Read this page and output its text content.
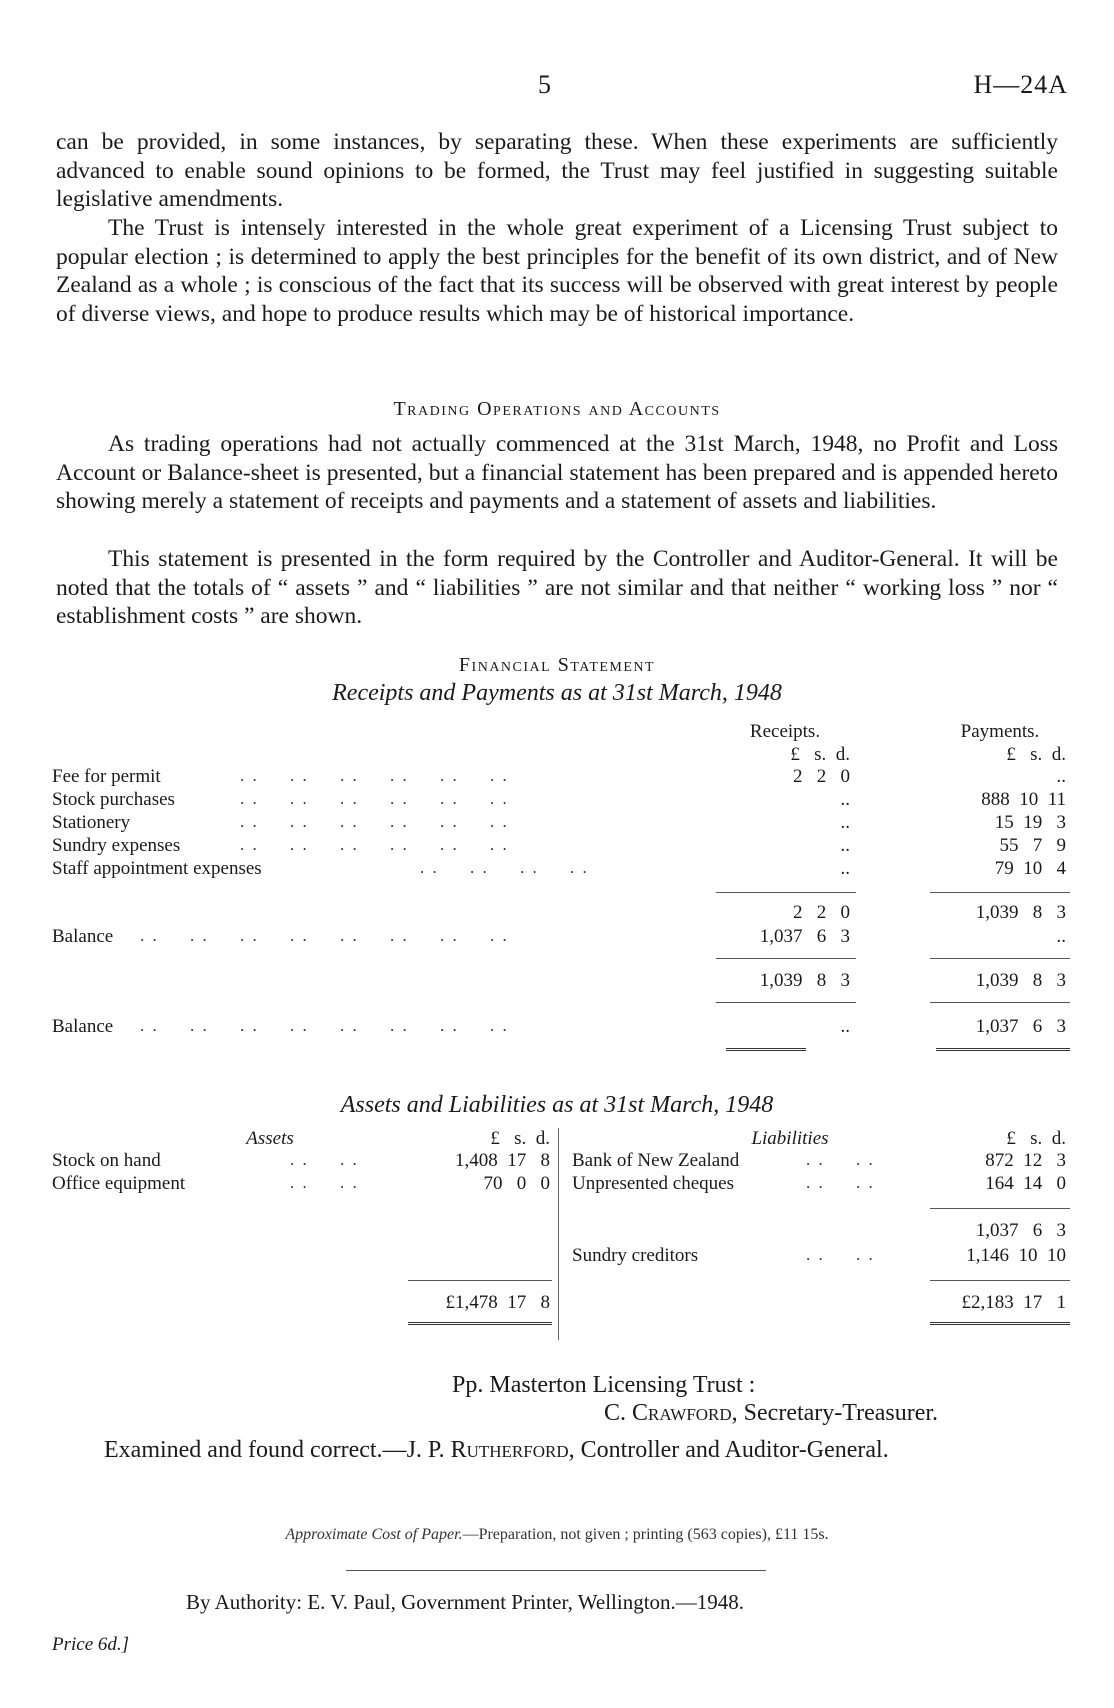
5	H—24A

can be provided, in some instances, by separating these. When these experiments are sufficiently advanced to enable sound opinions to be formed, the Trust may feel justified in suggesting suitable legislative amendments.

The Trust is intensely interested in the whole great experiment of a Licensing Trust subject to popular election ; is determined to apply the best principles for the benefit of its own district, and of New Zealand as a whole ; is conscious of the fact that its success will be observed with great interest by people of diverse views, and hope to produce results which may be of historical importance.

Trading Operations and Accounts

As trading operations had not actually commenced at the 31st March, 1948, no Profit and Loss Account or Balance-sheet is presented, but a financial statement has been prepared and is appended hereto showing merely a statement of receipts and payments and a statement of assets and liabilities.

This statement is presented in the form required by the Controller and Auditor-General. It will be noted that the totals of “ assets ” and “ liabilities ” are not similar and that neither “ working loss ” nor “ establishment costs ” are shown.

Financial Statement
Receipts and Payments as at 31st March, 1948
Receipts.	Payments.
£   s.  d.	£   s.  d.
Fee for permit	. .     . .     . .     . .     . .     . .	2   2   0	..
Stock purchases	. .     . .     . .     . .     . .     . .	..	888  10  11
Stationery	. .     . .     . .     . .     . .     . .	..	15  19   3
Sundry expenses	. .     . .     . .     . .     . .     . .	..	55   7   9
Staff appointment expenses	. .     . .     . .     . .	..	79  10   4
2   2   0	1,039   8   3
Balance . .     . .     . .     . .     . .     . .     . .     . .	1,037   6   3	..
1,039   8   3	1,039   8   3
Balance . .     . .     . .     . .     . .     . .     . .     . .	..	1,037   6   3
Assets and Liabilities as at 31st March, 1948
Assets	£   s.  d.	Liabilities	£   s.  d.
Stock on hand	. .     . .	1,408  17   8
Office equipment	. .     . .	70   0   0
Bank of New Zealand	. .     . .	872  12   3
Unpresented cheques	. .     . .	164  14   0
1,037   6   3
Sundry creditors	. .     . .	1,146  10  10
£1,478  17   8	£2,183  17   1
Pp. Masterton Licensing Trust :
C. Crawford, Secretary-Treasurer.
Examined and found correct.—J. P. Rutherford, Controller and Auditor-General.
Approximate Cost of Paper.—Preparation, not given ; printing (563 copies), £11 15s.
By Authority: E. V. Paul, Government Printer, Wellington.—1948.
Price 6d.]
